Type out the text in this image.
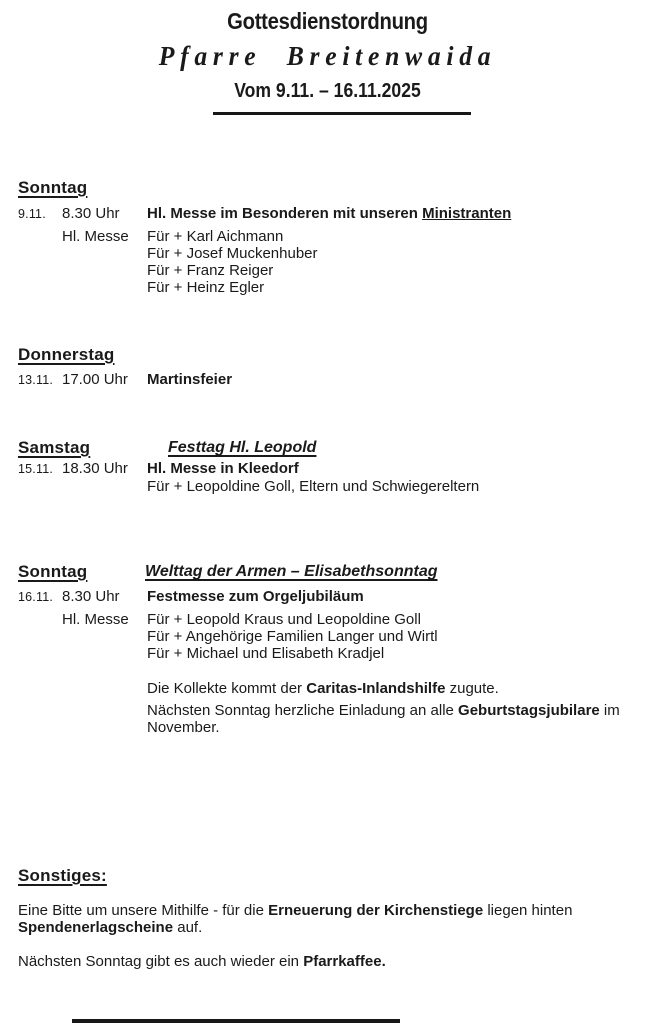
Gottesdienstordnung
Pfarre Breitenwaida
Vom 9.11. – 16.11.2025
Sonntag
9.11.	8.30 Uhr	Hl. Messe im Besonderen mit unseren Ministranten
Hl. Messe	Für + Karl Aichmann
Für + Josef Muckenhuber
Für + Franz Reiger
Für + Heinz Egler
Donnerstag
13.11. 17.00 Uhr	Martinsfeier
Samstag	Festtag Hl. Leopold
15.11. 18.30 Uhr	Hl. Messe in Kleedorf
Für + Leopoldine Goll, Eltern und Schwiegereltern
Sonntag	Welttag der Armen – Elisabethsonntag
16.11. 8.30 Uhr	Festmesse zum Orgeljubiläum
Hl. Messe	Für + Leopold Kraus und Leopoldine Goll
Für + Angehörige Familien Langer und Wirtl
Für + Michael und Elisabeth Kradjel
Die Kollekte kommt der Caritas-Inlandshilfe zugute.
Nächsten Sonntag herzliche Einladung an alle Geburtstagsjubilare im
November.
Sonstiges:
Eine Bitte um unsere Mithilfe - für die Erneuerung der Kirchenstiege liegen hinten
Spendenerlagscheine auf.
Nächsten Sonntag gibt es auch wieder ein Pfarrkaffee.
